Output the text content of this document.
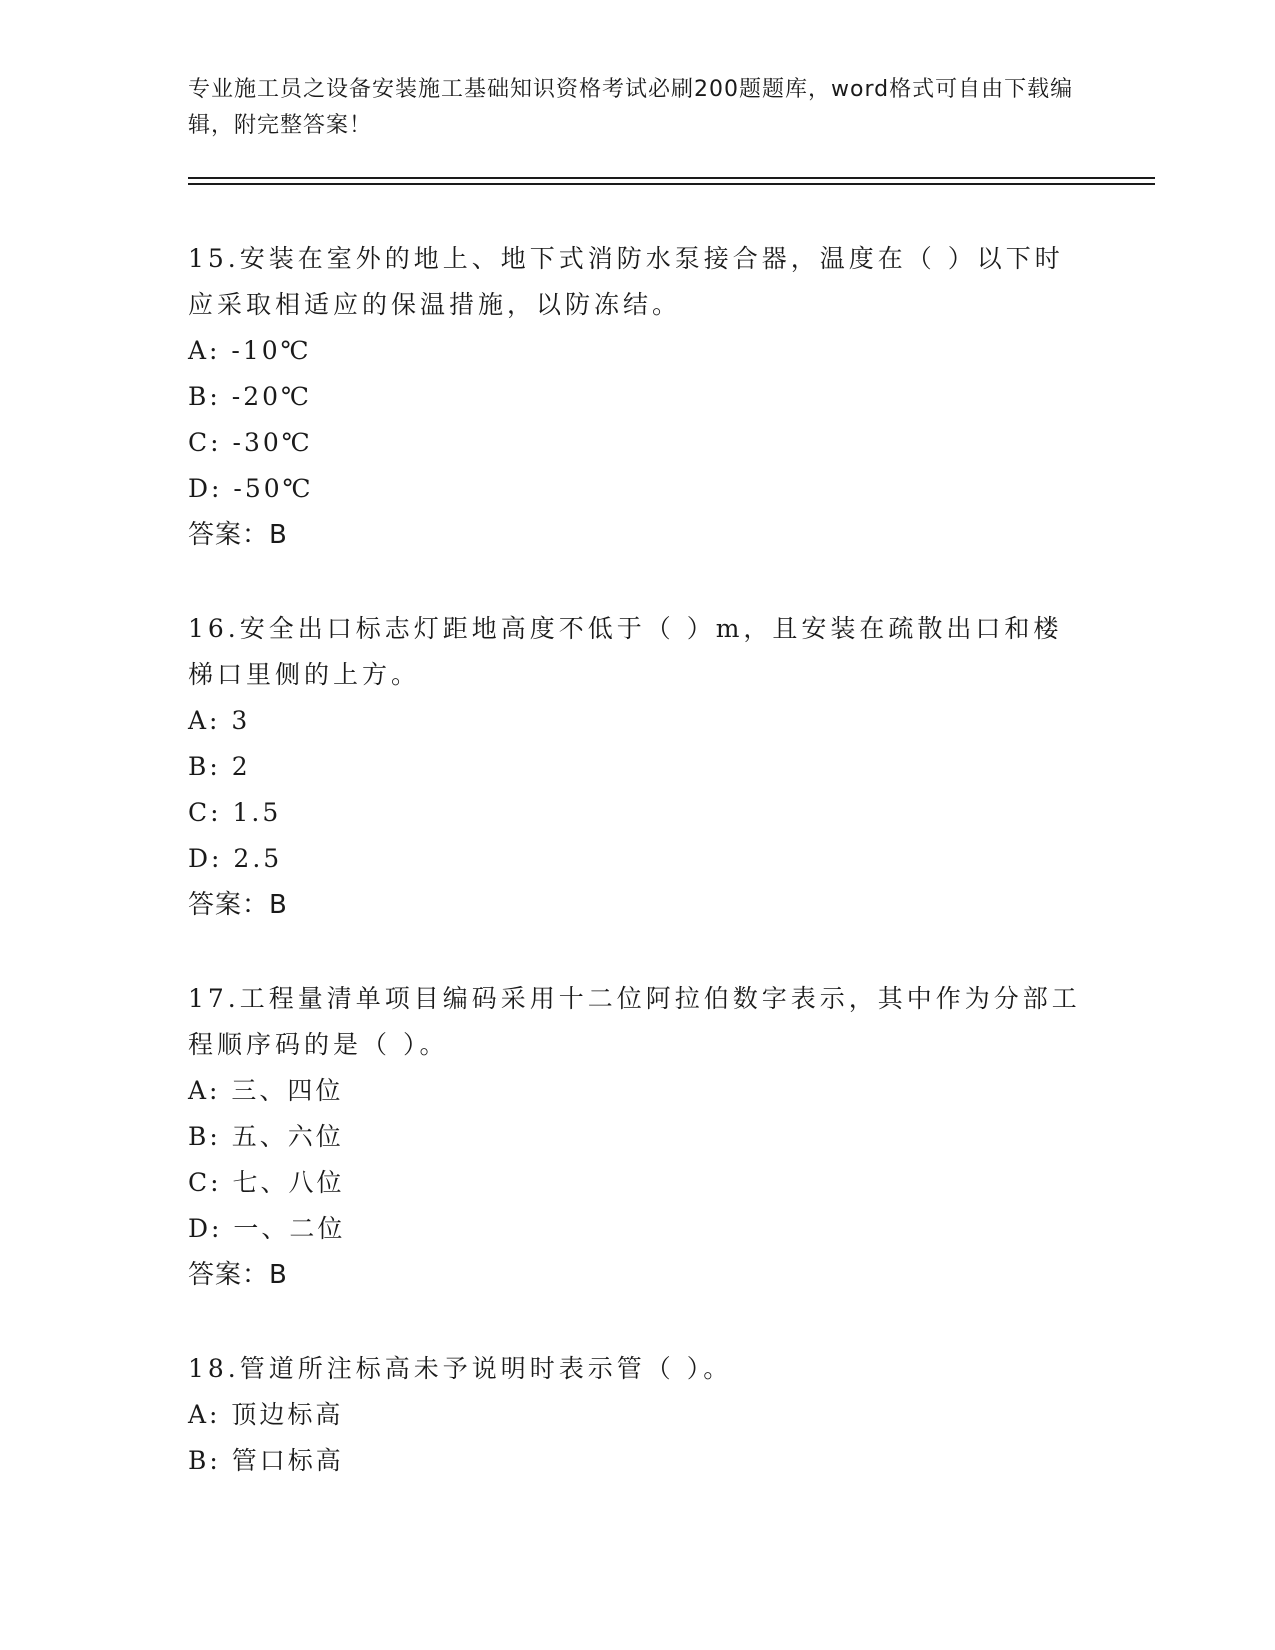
专业施工员之设备安装施工基础知识资格考试必刷200题题库，word格式可自由下载编辑，附完整答案！
15.安装在室外的地上、地下式消防水泵接合器，温度在（ ）以下时应采取相适应的保温措施，以防冻结。
A: -10℃
B: -20℃
C: -30℃
D: -50℃
答案：B
16.安全出口标志灯距地高度不低于（ ）m，且安装在疏散出口和楼梯口里侧的上方。
A: 3
B: 2
C: 1.5
D: 2.5
答案：B
17.工程量清单项目编码采用十二位阿拉伯数字表示，其中作为分部工程顺序码的是（ ）。
A: 三、四位
B: 五、六位
C: 七、八位
D: 一、二位
答案：B
18.管道所注标高未予说明时表示管（ ）。
A: 顶边标高
B: 管口标高
